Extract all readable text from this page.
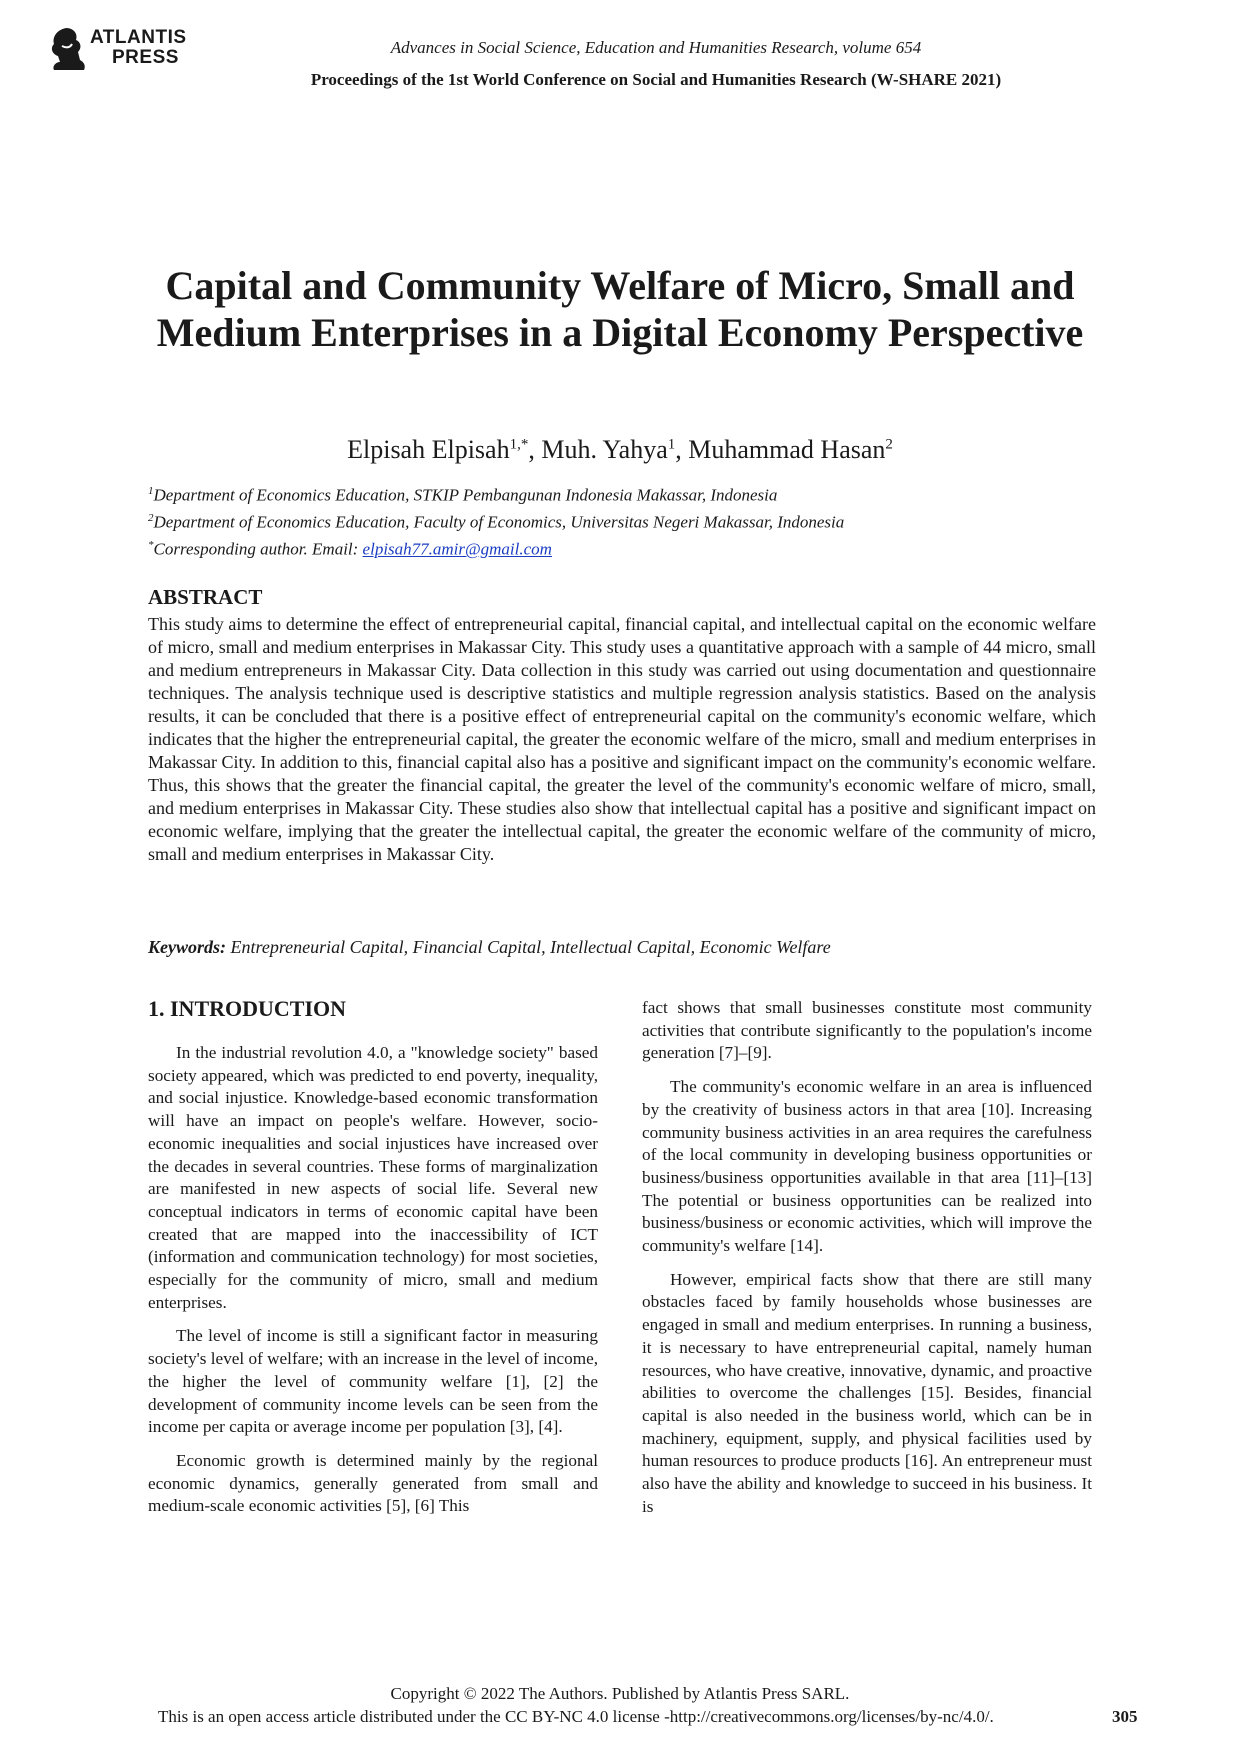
ATLANTIS
PRESS	Advances in Social Science, Education and Humanities Research, volume 654
Proceedings of the 1st World Conference on Social and Humanities Research (W-SHARE 2021)
Capital and Community Welfare of Micro, Small and Medium Enterprises in a Digital Economy Perspective
Elpisah Elpisah$^{1,*}$, Muh. Yahya$^1$, Muhammad Hasan$^2$
$^1$Department of Economics Education, STKIP Pembangunan Indonesia Makassar, Indonesia
$^2$Department of Economics Education, Faculty of Economics, Universitas Negeri Makassar, Indonesia
*Corresponding author. Email: elpisah77.amir@gmail.com
ABSTRACT

This study aims to determine the effect of entrepreneurial capital, financial capital, and intellectual capital on the economic welfare of micro, small and medium enterprises in Makassar City. This study uses a quantitative approach with a sample of 44 micro, small and medium entrepreneurs in Makassar City. Data collection in this study was carried out using documentation and questionnaire techniques. The analysis technique used is descriptive statistics and multiple regression analysis statistics. Based on the analysis results, it can be concluded that there is a positive effect of entrepreneurial capital on the community's economic welfare, which indicates that the higher the entrepreneurial capital, the greater the economic welfare of the micro, small and medium enterprises in Makassar City. In addition to this, financial capital also has a positive and significant impact on the community's economic welfare. Thus, this shows that the greater the financial capital, the greater the level of the community's economic welfare of micro, small, and medium enterprises in Makassar City. These studies also show that intellectual capital has a positive and significant impact on economic welfare, implying that the greater the intellectual capital, the greater the economic welfare of the community of micro, small and medium enterprises in Makassar City.

Keywords: Entrepreneurial Capital, Financial Capital, Intellectual Capital, Economic Welfare
1. INTRODUCTION

In the industrial revolution 4.0, a "knowledge society" based society appeared, which was predicted to end poverty, inequality, and social injustice. Knowledge-based economic transformation will have an impact on people's welfare. However, socio-economic inequalities and social injustices have increased over the decades in several countries. These forms of marginalization are manifested in new aspects of social life. Several new conceptual indicators in terms of economic capital have been created that are mapped into the inaccessibility of ICT (information and communication technology) for most societies, especially for the community of micro, small and medium enterprises.

The level of income is still a significant factor in measuring society's level of welfare; with an increase in the level of income, the higher the level of community welfare [1], [2] the development of community income levels can be seen from the income per capita or average income per population [3], [4].

Economic growth is determined mainly by the regional economic dynamics, generally generated from small and medium-scale economic activities [5], [6] This

fact shows that small businesses constitute most community activities that contribute significantly to the population's income generation [7]–[9].

The community's economic welfare in an area is influenced by the creativity of business actors in that area [10]. Increasing community business activities in an area requires the carefulness of the local community in developing business opportunities or business/business opportunities available in that area [11]–[13] The potential or business opportunities can be realized into business/business or economic activities, which will improve the community's welfare [14].

However, empirical facts show that there are still many obstacles faced by family households whose businesses are engaged in small and medium enterprises. In running a business, it is necessary to have entrepreneurial capital, namely human resources, who have creative, innovative, dynamic, and proactive abilities to overcome the challenges [15]. Besides, financial capital is also needed in the business world, which can be in machinery, equipment, supply, and physical facilities used by human resources to produce products [16]. An entrepreneur must also have the ability and knowledge to succeed in his business. It is

Copyright © 2022 The Authors. Published by Atlantis Press SARL.
This is an open access article distributed under the CC BY-NC 4.0 license -http://creativecommons.org/licenses/by-nc/4.0/.	305
